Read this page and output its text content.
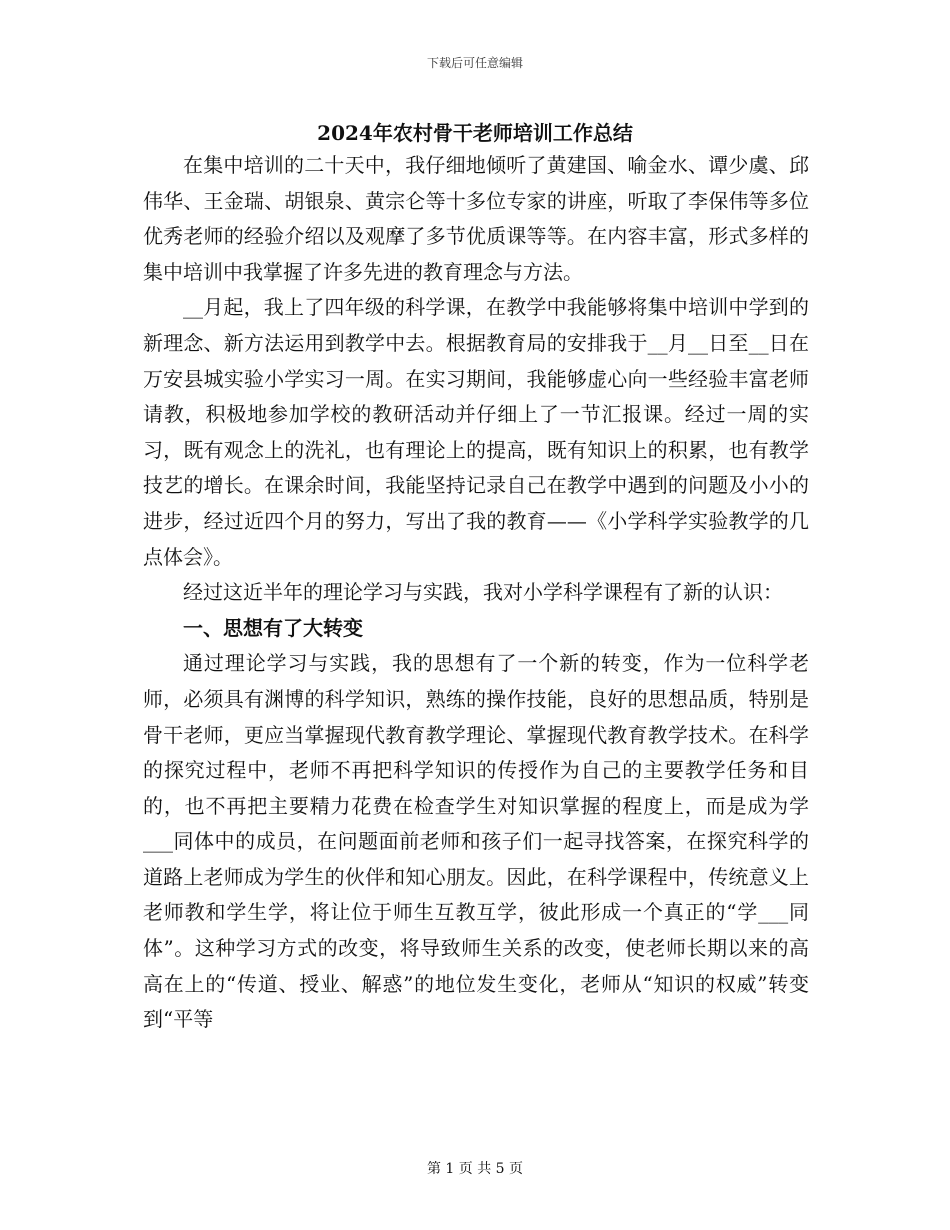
下载后可任意编辑
2024年农村骨干老师培训工作总结

在集中培训的二十天中，我仔细地倾听了黄建国、喻金水、谭少虞、邱伟华、王金瑞、胡银泉、黄宗仑等十多位专家的讲座，听取了李保伟等多位优秀老师的经验介绍以及观摩了多节优质课等等。在内容丰富，形式多样的集中培训中我掌握了许多先进的教育理念与方法。

__月起，我上了四年级的科学课，在教学中我能够将集中培训中学到的新理念、新方法运用到教学中去。根据教育局的安排我于__月__日至__日在万安县城实验小学实习一周。在实习期间，我能够虚心向一些经验丰富老师请教，积极地参加学校的教研活动并仔细上了一节汇报课。经过一周的实习，既有观念上的洗礼，也有理论上的提高，既有知识上的积累，也有教学技艺的增长。在课余时间，我能坚持记录自己在教学中遇到的问题及小小的进步，经过近四个月的努力，写出了我的教育——《小学科学实验教学的几点体会》。

经过这近半年的理论学习与实践，我对小学科学课程有了新的认识：

一、思想有了大转变

通过理论学习与实践，我的思想有了一个新的转变，作为一位科学老师，必须具有渊博的科学知识，熟练的操作技能，良好的思想品质，特别是骨干老师，更应当掌握现代教育教学理论、掌握现代教育教学技术。在科学的探究过程中，老师不再把科学知识的传授作为自己的主要教学任务和目的，也不再把主要精力花费在检查学生对知识掌握的程度上，而是成为学___同体中的成员，在问题面前老师和孩子们一起寻找答案，在探究科学的道路上老师成为学生的伙伴和知心朋友。因此，在科学课程中，传统意义上老师教和学生学，将让位于师生互教互学，彼此形成一个真正的“学___同体”。这种学习方式的改变，将导致师生关系的改变，使老师长期以来的高高在上的“传道、授业、解惑”的地位发生变化，老师从“知识的权威”转变到“平等

第 1 页 共 5 页
